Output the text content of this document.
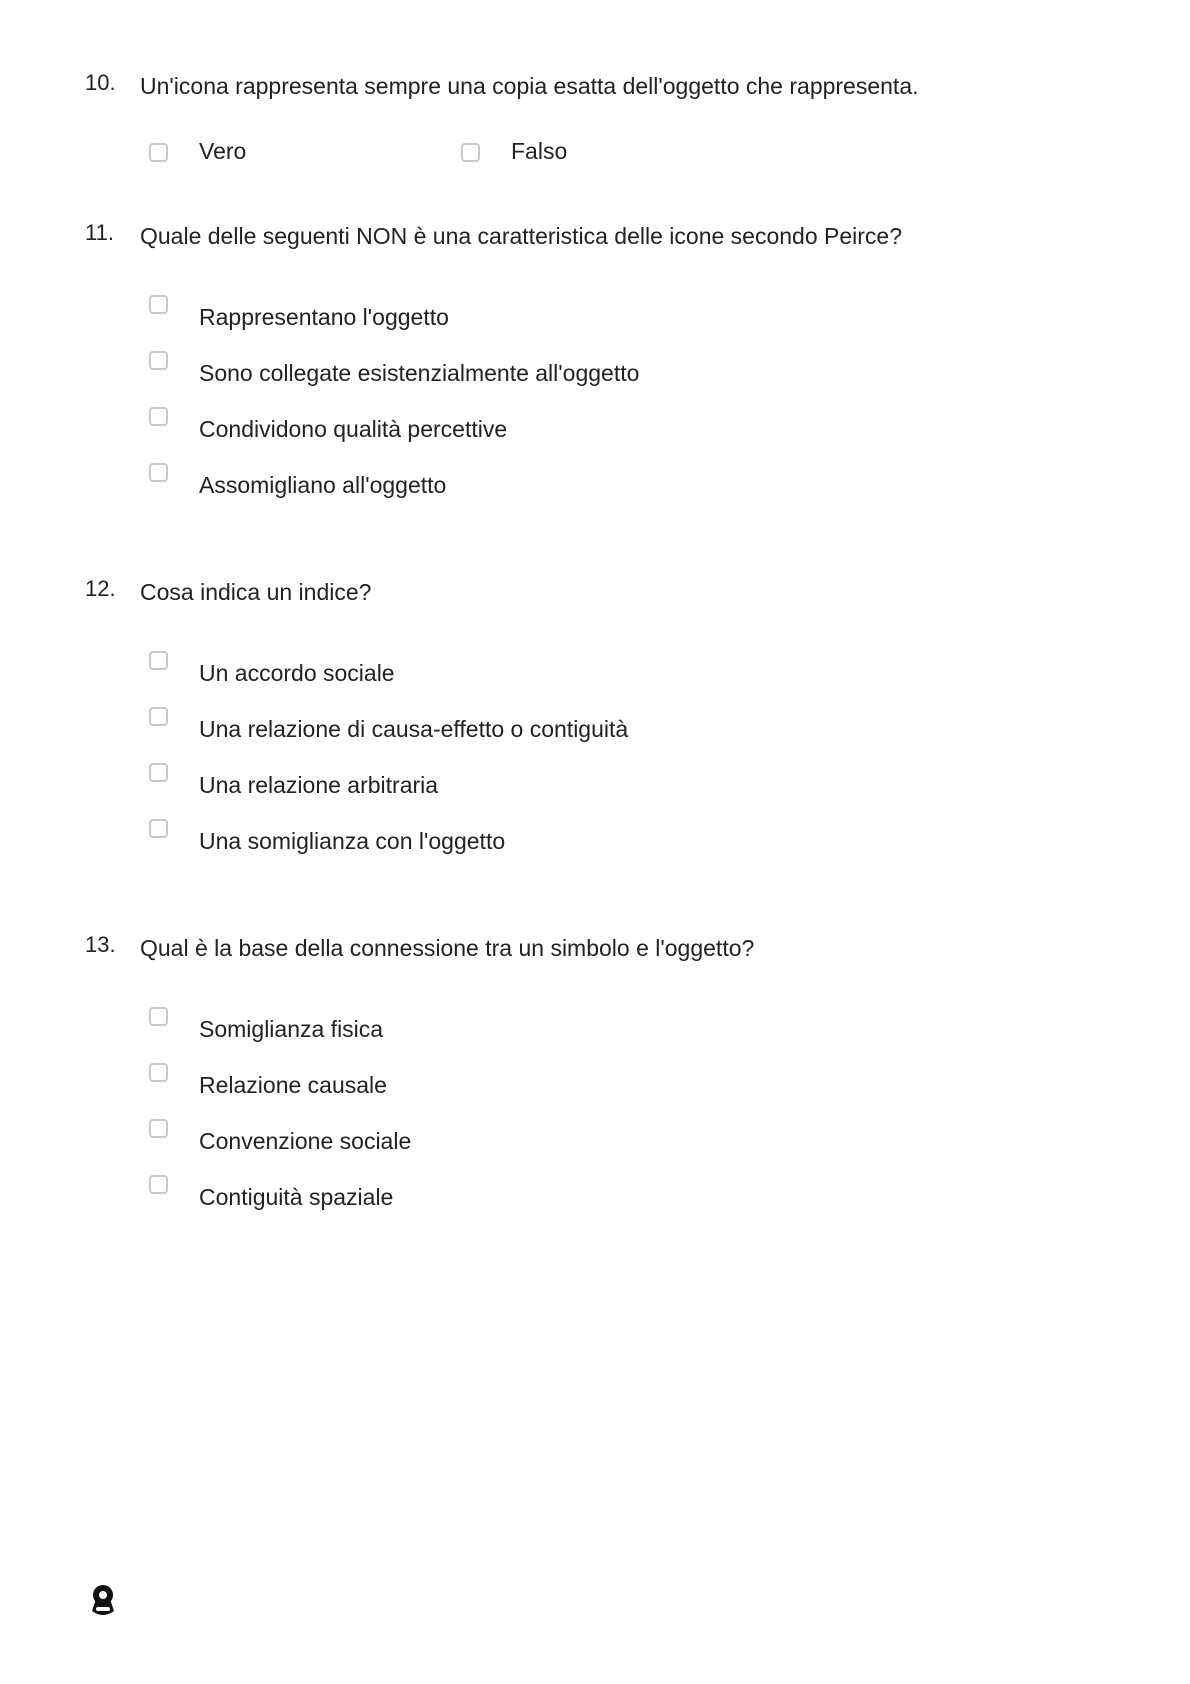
10. Un'icona rappresenta sempre una copia esatta dell'oggetto che rappresenta.
Vero	Falso
11. Quale delle seguenti NON è una caratteristica delle icone secondo Peirce?
Rappresentano l'oggetto
Sono collegate esistenzialmente all'oggetto
Condividono qualità percettive
Assomigliano all'oggetto
12. Cosa indica un indice?
Un accordo sociale
Una relazione di causa-effetto o contiguità
Una relazione arbitraria
Una somiglianza con l'oggetto
13. Qual è la base della connessione tra un simbolo e l'oggetto?
Somiglianza fisica
Relazione causale
Convenzione sociale
Contiguità spaziale
